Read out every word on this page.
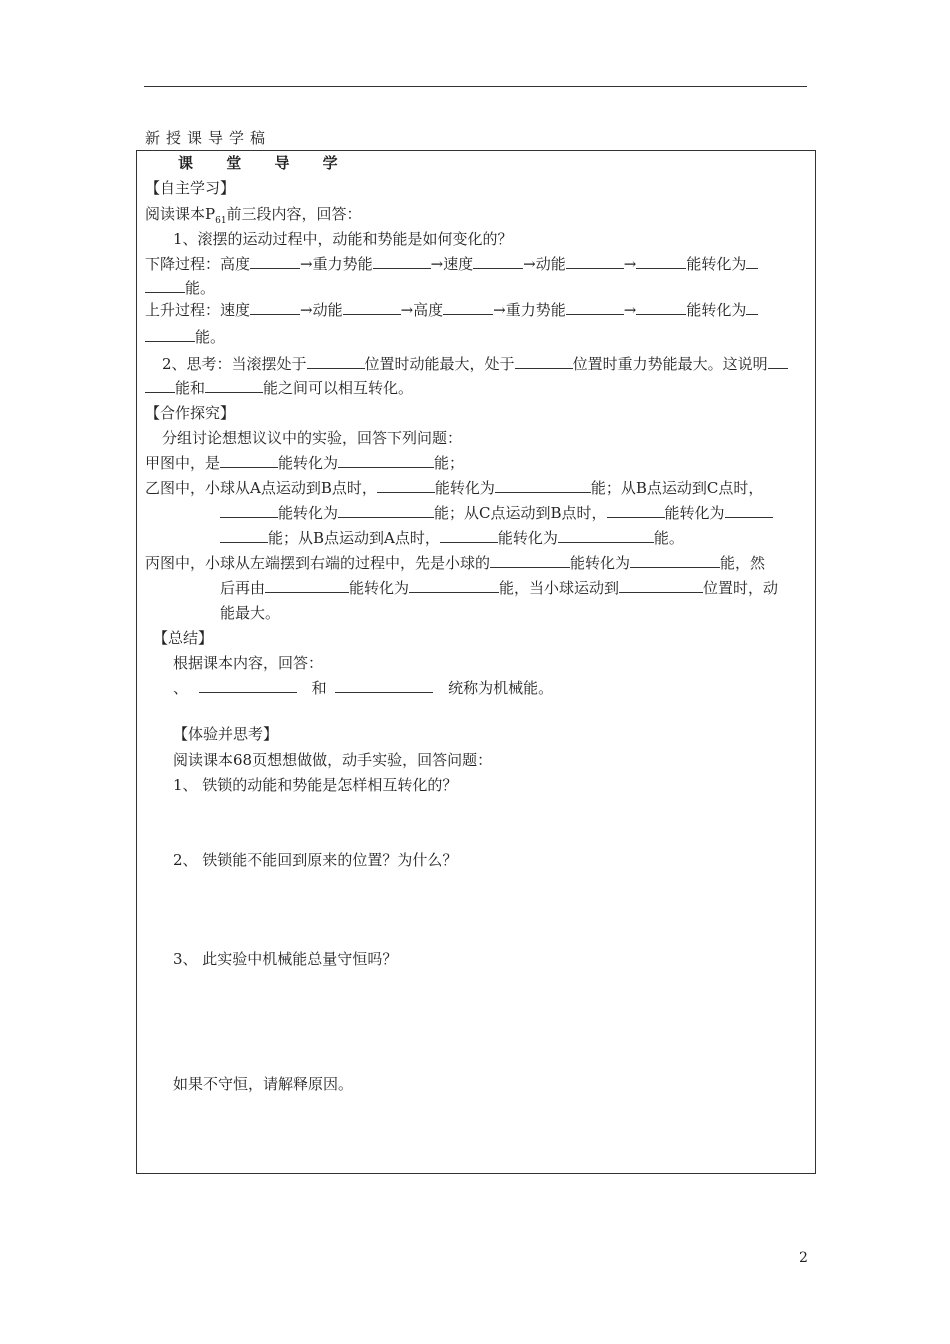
新授课导学稿
课 堂 导 学
【自主学习】
阅读课本$P_{61}$前三段内容，回答：
1、滚摆的运动过程中，动能和势能是如何变化的？
下降过程：高度	→重力势能	→速度	→动能	→	能转化为
能。
上升过程：速度	→动能	→高度	→重力势能	→	能转化为
能。
2、思考：当滚摆处于	位置时动能最大，处于	位置时重力势能最大。这说明
能和	能之间可以相互转化。
【合作探究】
分组讨论想想议议中的实验，回答下列问题：
甲图中，是	能转化为	能；
乙图中，小球从A点运动到B点时，	能转化为	能；从B点运动到C点时，
能转化为	能；从C点运动到B点时，	能转化为
能；从B点运动到A点时，	能转化为	能。
丙图中，小球从左端摆到右端的过程中，先是小球的	能转化为	能，然
后再由	能转化为	能，当小球运动到	位置时，动
能最大。
【总结】
根据课本内容，回答：
、	和	统称为机械能。
【体验并思考】
阅读课本68页想想做做，动手实验，回答问题：
1、 铁锁的动能和势能是怎样相互转化的？
2、 铁锁能不能回到原来的位置？为什么？
3、 此实验中机械能总量守恒吗？
如果不守恒，请解释原因。
2
